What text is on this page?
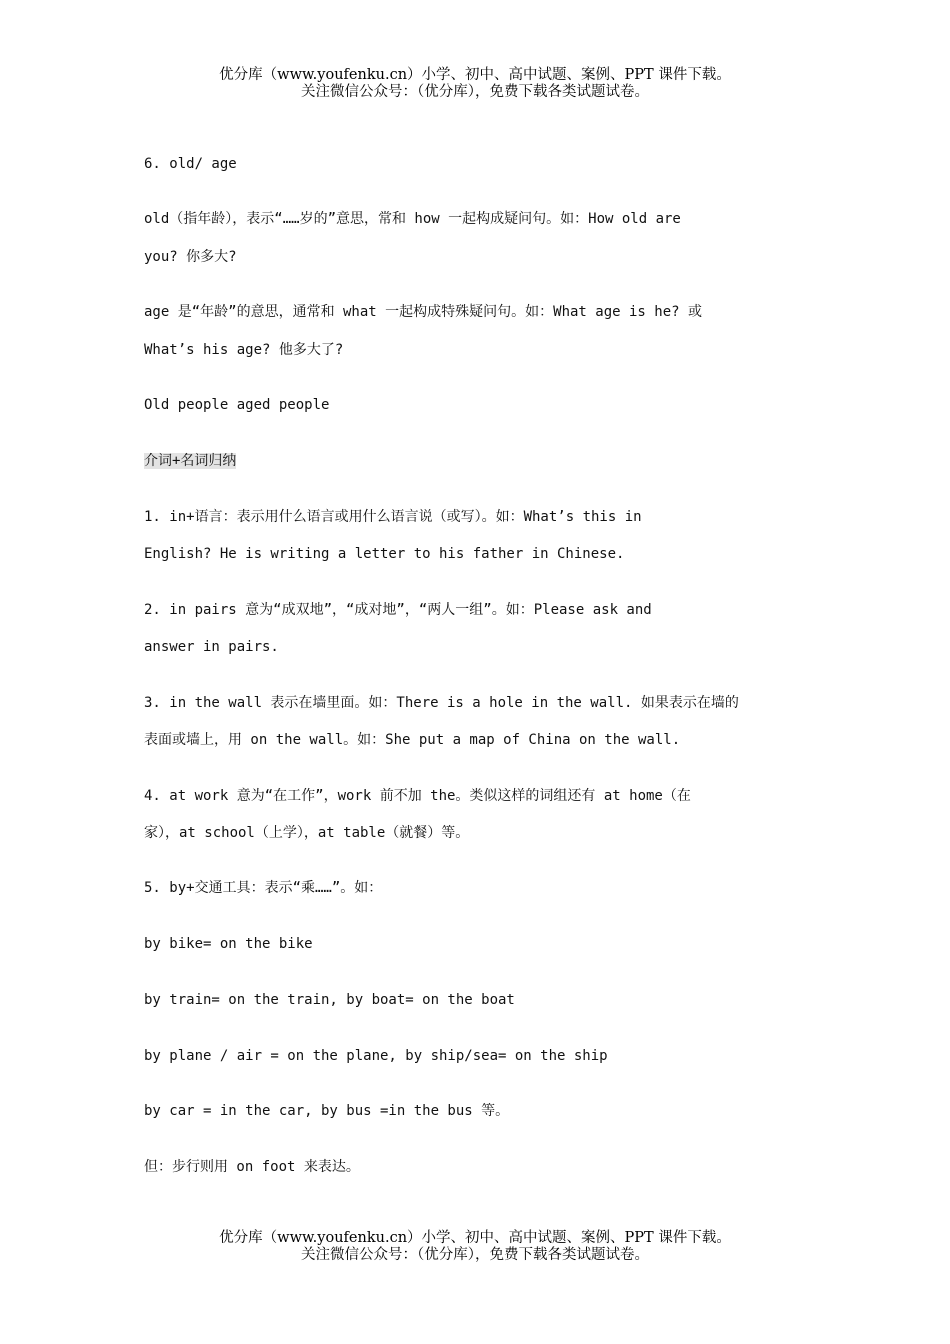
优分库（www.youfenku.cn）小学、初中、高中试题、案例、PPT 课件下载。
关注微信公众号：（优分库），免费下载各类试题试卷。
6. old/ age
old（指年龄），表示“……岁的”意思，常和 how 一起构成疑问句。如：How old are
you? 你多大?
age 是“年龄”的意思，通常和 what 一起构成特殊疑问句。如：What age is he? 或
What’s his age? 他多大了?
Old people aged people
介词+名词归纳
1. in+语言：表示用什么语言或用什么语言说（或写）。如：What’s this in
English? He is writing a letter to his father in Chinese.
2. in pairs 意为“成双地”，“成对地”，“两人一组”。如：Please ask and
answer in pairs.
3. in the wall 表示在墙里面。如：There is a hole in the wall. 如果表示在墙的
表面或墙上，用 on the wall。如：She put a map of China on the wall.
4. at work 意为“在工作”，work 前不加 the。类似这样的词组还有 at home（在
家），at school（上学），at table（就餐）等。
5. by+交通工具：表示“乘……”。如：
by bike= on the bike
by train= on the train, by boat= on the boat
by plane / air = on the plane, by ship/sea= on the ship
by car = in the car, by bus =in the bus 等。
但：步行则用 on foot 来表达。
优分库（www.youfenku.cn）小学、初中、高中试题、案例、PPT 课件下载。
关注微信公众号：（优分库），免费下载各类试题试卷。
